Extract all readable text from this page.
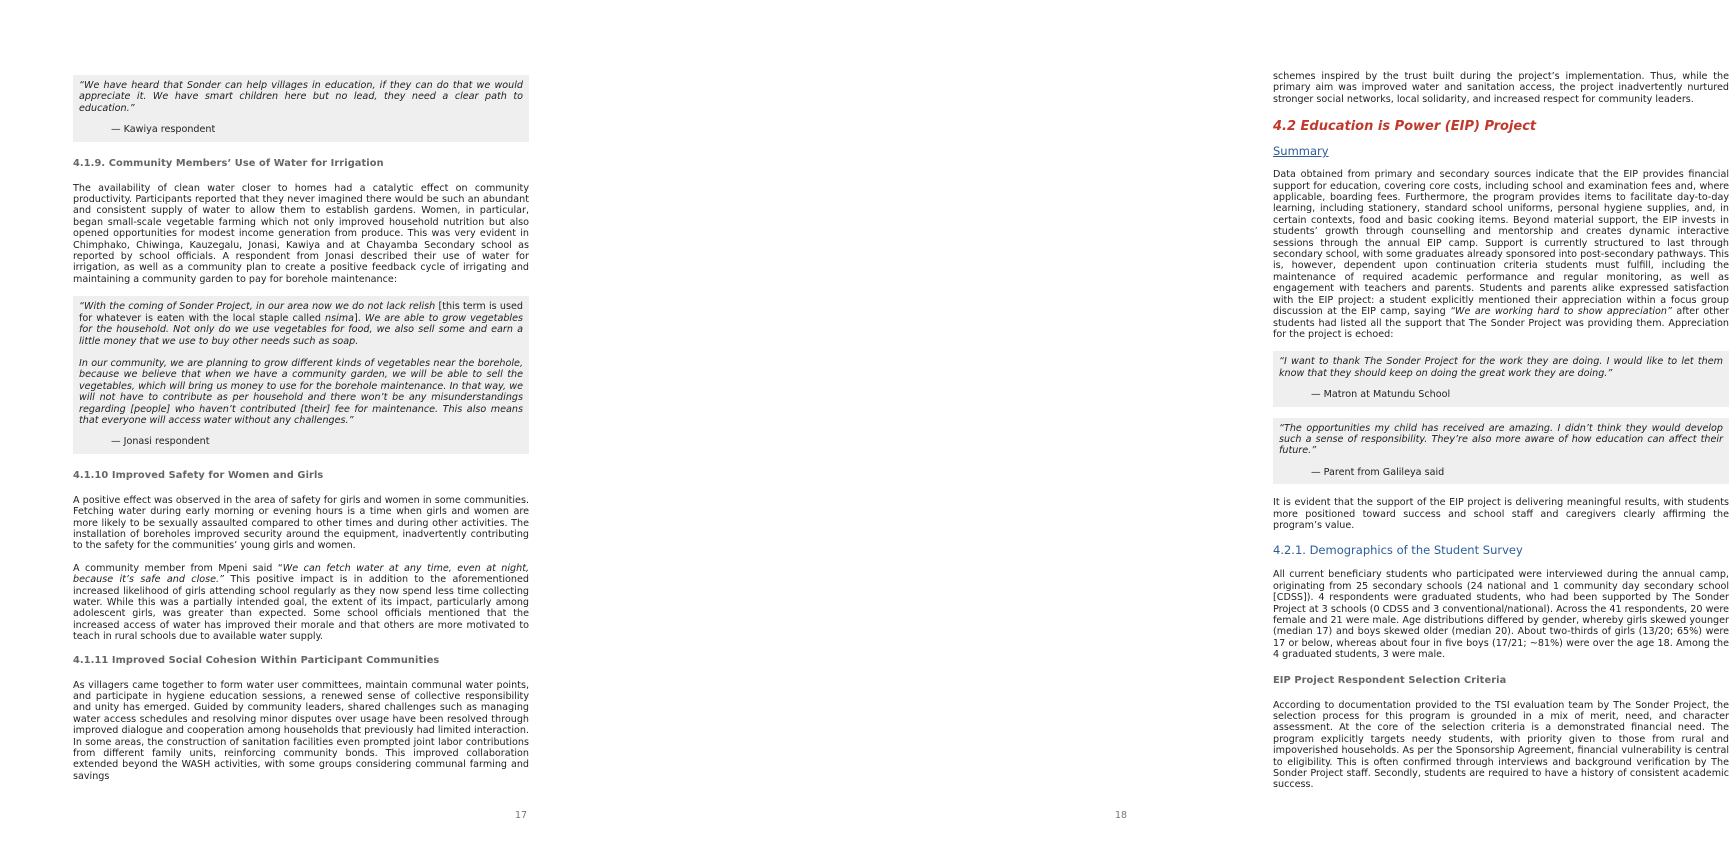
“We have heard that Sonder can help villages in education, if they can do that we would appreciate it. We have smart children here but no lead, they need a clear path to education.”

— Kawiya respondent

4.1.9. Community Members’ Use of Water for Irrigation

The availability of clean water closer to homes had a catalytic effect on community productivity. Participants reported that they never imagined there would be such an abundant and consistent supply of water to allow them to establish gardens. Women, in particular, began small-scale vegetable farming which not only improved household nutrition but also opened opportunities for modest income generation from produce. This was very evident in Chimphako, Chiwinga, Kauzegalu, Jonasi, Kawiya and at Chayamba Secondary school as reported by school officials. A respondent from Jonasi described their use of water for irrigation, as well as a community plan to create a positive feedback cycle of irrigating and maintaining a community garden to pay for borehole maintenance:

“With the coming of Sonder Project, in our area now we do not lack relish [this term is used for whatever is eaten with the local staple called nsima]. We are able to grow vegetables for the household. Not only do we use vegetables for food, we also sell some and earn a little money that we use to buy other needs such as soap.

In our community, we are planning to grow different kinds of vegetables near the borehole, because we believe that when we have a community garden, we will be able to sell the vegetables, which will bring us money to use for the borehole maintenance. In that way, we will not have to contribute as per household and there won’t be any misunderstandings regarding [people] who haven’t contributed [their] fee for maintenance. This also means that everyone will access water without any challenges.”

— Jonasi respondent

4.1.10 Improved Safety for Women and Girls

A positive effect was observed in the area of safety for girls and women in some communities. Fetching water during early morning or evening hours is a time when girls and women are more likely to be sexually assaulted compared to other times and during other activities. The installation of boreholes improved security around the equipment, inadvertently contributing to the safety for the communities’ young girls and women.

A community member from Mpeni said “We can fetch water at any time, even at night, because it’s safe and close.” This positive impact is in addition to the aforementioned increased likelihood of girls attending school regularly as they now spend less time collecting water. While this was a partially intended goal, the extent of its impact, particularly among adolescent girls, was greater than expected. Some school officials mentioned that the increased access of water has improved their morale and that others are more motivated to teach in rural schools due to available water supply.

4.1.11 Improved Social Cohesion Within Participant Communities

As villagers came together to form water user committees, maintain communal water points, and participate in hygiene education sessions, a renewed sense of collective responsibility and unity has emerged. Guided by community leaders, shared challenges such as managing water access schedules and resolving minor disputes over usage have been resolved through improved dialogue and cooperation among households that previously had limited interaction. In some areas, the construction of sanitation facilities even prompted joint labor contributions from different family units, reinforcing community bonds. This improved collaboration extended beyond the WASH activities, with some groups considering communal farming and savings

17

schemes inspired by the trust built during the project’s implementation. Thus, while the primary aim was improved water and sanitation access, the project inadvertently nurtured stronger social networks, local solidarity, and increased respect for community leaders.

4.2 Education is Power (EIP) Project
Summary

Data obtained from primary and secondary sources indicate that the EIP provides financial support for education, covering core costs, including school and examination fees and, where applicable, boarding fees. Furthermore, the program provides items to facilitate day-to-day learning, including stationery, standard school uniforms, personal hygiene supplies, and, in certain contexts, food and basic cooking items. Beyond material support, the EIP invests in students’ growth through counselling and mentorship and creates dynamic interactive sessions through the annual EIP camp. Support is currently structured to last through secondary school, with some graduates already sponsored into post-secondary pathways. This is, however, dependent upon continuation criteria students must fulfill, including the maintenance of required academic performance and regular monitoring, as well as engagement with teachers and parents. Students and parents alike expressed satisfaction with the EIP project: a student explicitly mentioned their appreciation within a focus group discussion at the EIP camp, saying “We are working hard to show appreciation” after other students had listed all the support that The Sonder Project was providing them. Appreciation for the project is echoed:

“I want to thank The Sonder Project for the work they are doing. I would like to let them know that they should keep on doing the great work they are doing.”

— Matron at Matundu School

“The opportunities my child has received are amazing. I didn’t think they would develop such a sense of responsibility. They’re also more aware of how education can affect their future.”

— Parent from Galileya said

It is evident that the support of the EIP project is delivering meaningful results, with students more positioned toward success and school staff and caregivers clearly affirming the program’s value.

4.2.1. Demographics of the Student Survey

All current beneficiary students who participated were interviewed during the annual camp, originating from 25 secondary schools (24 national and 1 community day secondary school [CDSS]). 4 respondents were graduated students, who had been supported by The Sonder Project at 3 schools (0 CDSS and 3 conventional/national). Across the 41 respondents, 20 were female and 21 were male. Age distributions differed by gender, whereby girls skewed younger (median 17) and boys skewed older (median 20). About two-thirds of girls (13/20; 65%) were 17 or below, whereas about four in five boys (17/21; ~81%) were over the age 18. Among the 4 graduated students, 3 were male.

EIP Project Respondent Selection Criteria

According to documentation provided to the TSI evaluation team by The Sonder Project, the selection process for this program is grounded in a mix of merit, need, and character assessment. At the core of the selection criteria is a demonstrated financial need. The program explicitly targets needy students, with priority given to those from rural and impoverished households. As per the Sponsorship Agreement, financial vulnerability is central to eligibility. This is often confirmed through interviews and background verification by The Sonder Project staff. Secondly, students are required to have a history of consistent academic success.

18
